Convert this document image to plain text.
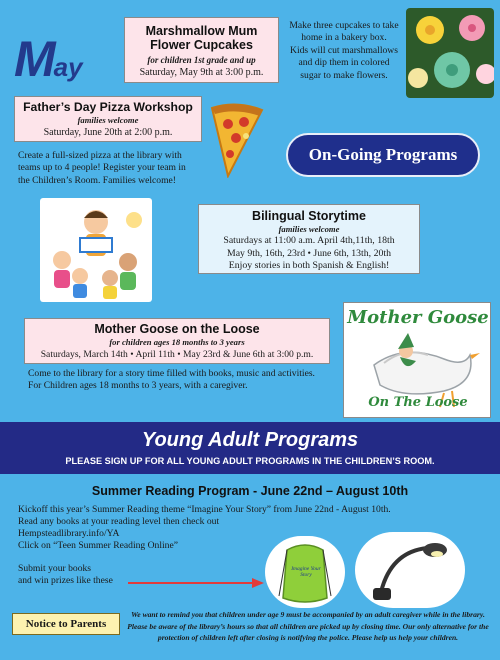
May
Marshmallow Mum
Flower Cupcakes
for children 1st grade and up
Saturday, May 9th at 3:00 p.m.
Make three cupcakes to take
home in a bakery box.
Kids will cut marshmallows
and dip them in colored
sugar to make flowers.
Father’s Day Pizza Workshop
families welcome
Saturday, June 20th at 2:00 p.m.
Create a full-sized pizza at the library with
teams up to 4 people! Register your team in
the Children’s Room. Families welcome!
On-Going Programs
Bilingual Storytime
families welcome
Saturdays at 11:00 a.m. April 4th,11th, 18th
May 9th, 16th, 23rd • June 6th, 13th, 20th
Enjoy stories in both Spanish & English!
Mother Goose on the Loose
for children ages 18 months to 3 years
Saturdays, March 14th • April 11th • May 23rd & June 6th at 3:00 p.m.
Mother Goose
On The Loose
Come to the library for a story time filled with books, music and activities.
For Children ages 18 months to 3 years, with a caregiver.
Young Adult Programs
PLEASE SIGN UP FOR ALL YOUNG ADULT PROGRAMS IN THE CHILDREN’S ROOM.
Summer Reading Program - June 22nd – August 10th
Kickoff this year’s Summer Reading theme “Imagine Your Story” from June 22nd - August 10th.
Read any books at your reading level then check out
Hempsteadlibrary.info/YA
Click on “Teen Summer Reading Online”
Submit your books
and win prizes like these
Imagine Your Story
Notice to Parents
We want to remind you that children under age 9 must be accompanied by an adult caregiver while in the library.
Please be aware of the library’s hours so that all children are picked up by closing time. Our only alternative for the
protection of children left after closing is notifying the police. Please help us help your children.
